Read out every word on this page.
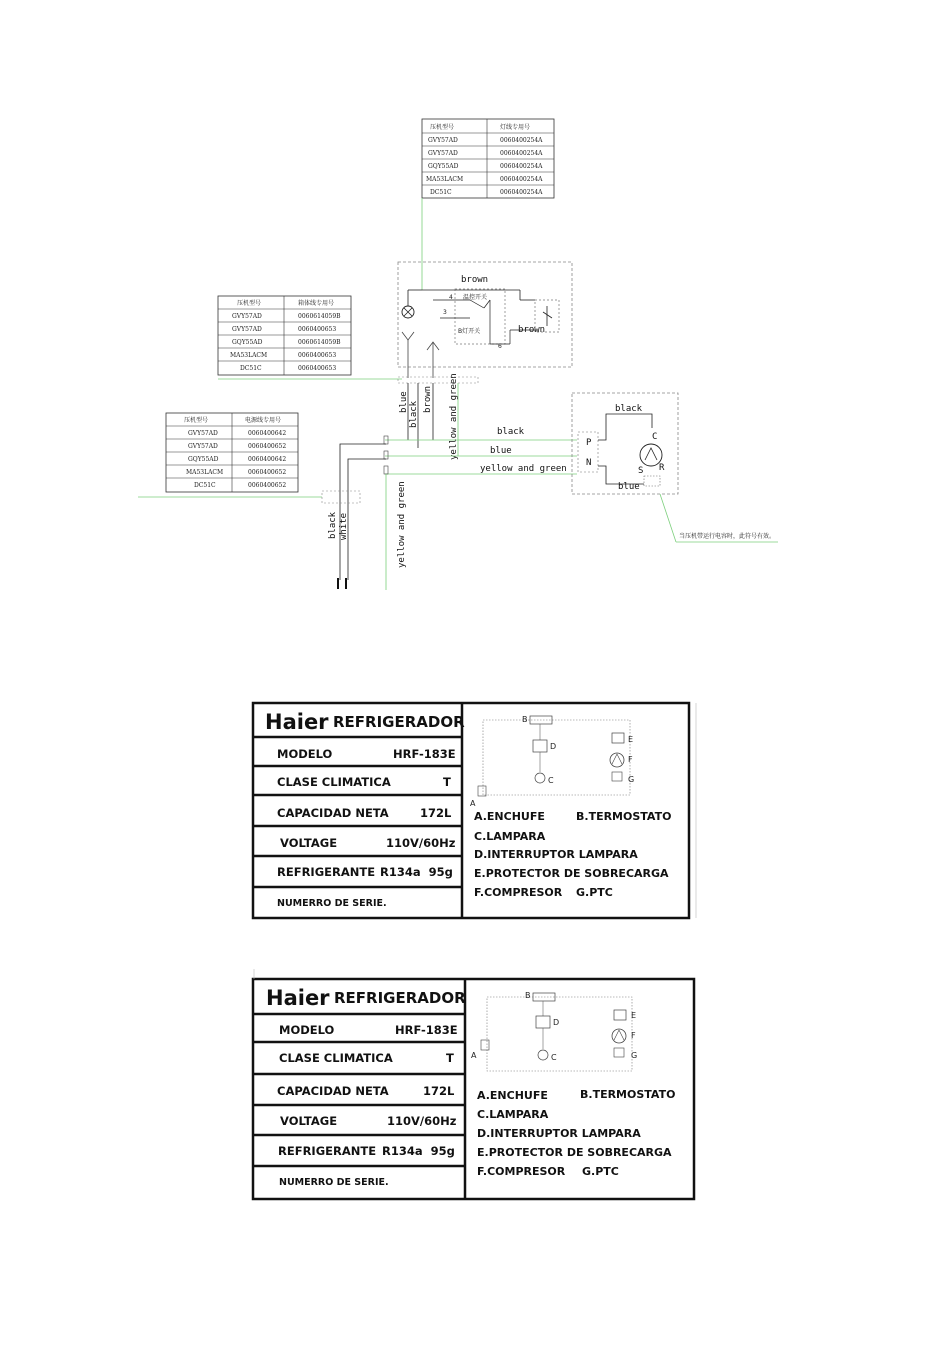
压机型号	灯线专用号
GVY57AD	0060400254A
GVY57AD	0060400254A
GQY55AD	0060400254A
MA53LACM	0060400254A
DC51C	0060400254A
压机型号	箱体线专用号
GVY57AD	0060614059B
GVY57AD	0060400653
GQY55AD	0060614059B
MA53LACM	0060400653
DC51C	0060400653
压机型号	电源线专用号
GVY57AD	0060400642
GVY57AD	0060400652
GQY55AD	0060400642
MA53LACM	0060400652
DC51C	0060400652
brown
温控开关
B灯开关
4
3
6
brown
blue black
brown yellow and green	black
blue
yellow and green
black white	yellow and green
P
N
black
C
S R
blue
当压机带运行电容时，此符号有效。
Haier REFRIGERADOR
MODELO	HRF-183E
CLASE CLIMATICA	T
CAPACIDAD NETA	172L
VOLTAGE	110V/60Hz
REFRIGERANTE R134a  95g
NUMERRO DE SERIE.
B
A
C
D
E
F
G
A.ENCHUFE	B.TERMOSTATO
C.LAMPARA
D.INTERRUPTOR LAMPARA
E.PROTECTOR DE SOBRECARGA
F.COMPRESOR G.PTC
Haier REFRIGERADOR
MODELO	HRF-183E
CLASE CLIMATICA	T
CAPACIDAD NETA	172L
VOLTAGE	110V/60Hz
REFRIGERANTE R134a  95g
NUMERRO DE SERIE.
B
A	C
D
E
F
G
A.ENCHUFE	B.TERMOSTATO
C.LAMPARA
D.INTERRUPTOR LAMPARA
E.PROTECTOR DE SOBRECARGA
F.COMPRESOR G.PTC
